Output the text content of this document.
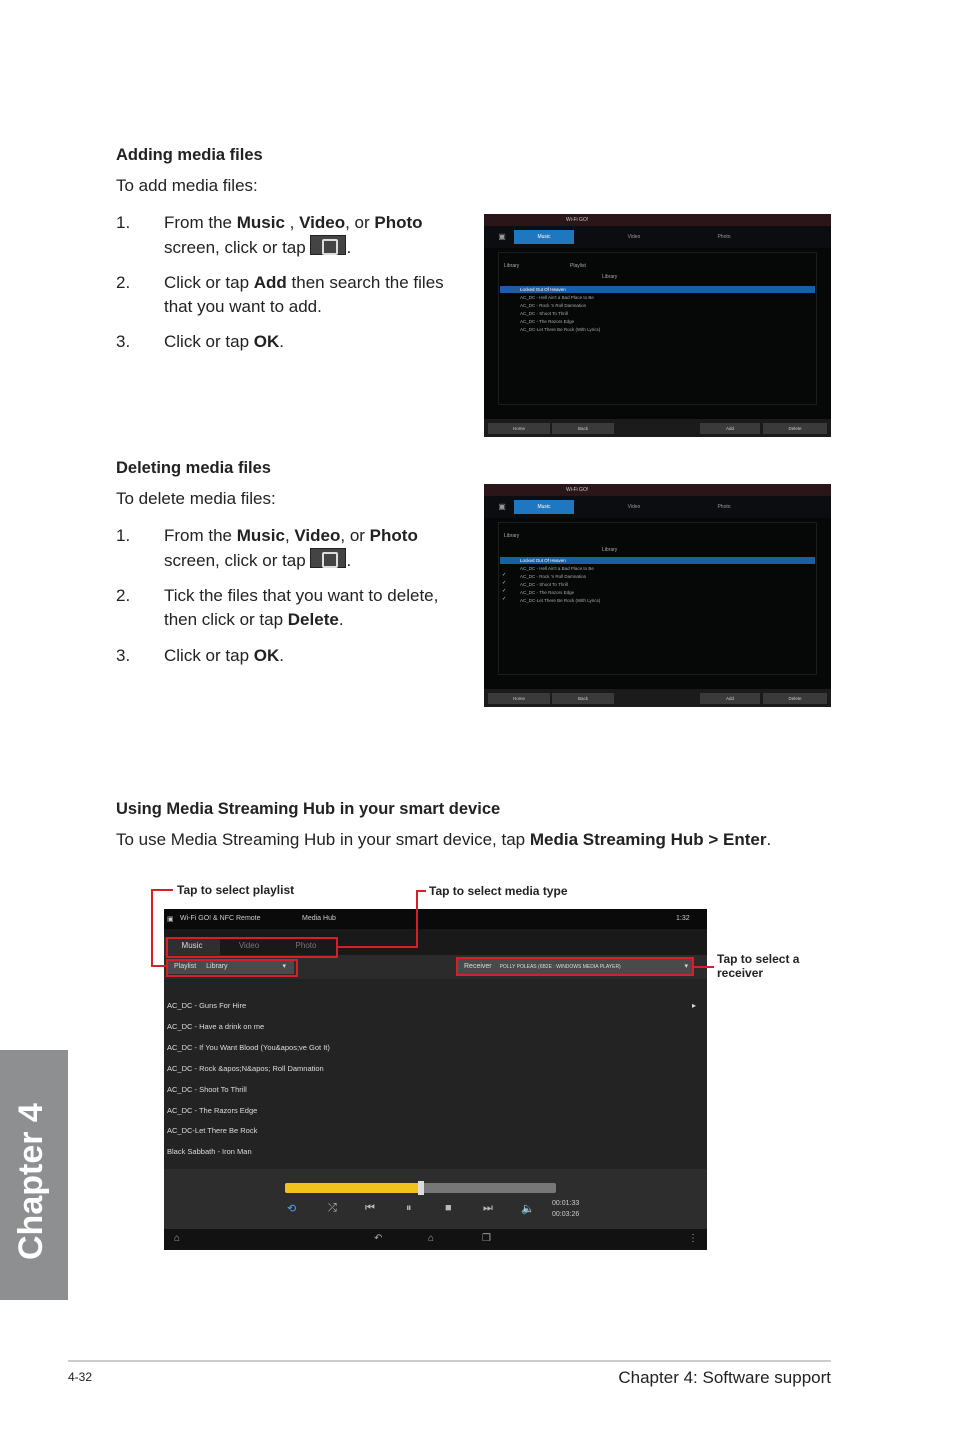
Adding media files
To add media files:
1. From the Music , Video, or Photo
screen, click or tap .
2. Click or tap Add then search the files
that you want to add.
3. Click or tap OK.
Wi-Fi GO!
▣	Music	Video	Photo
Library	Playlist
Library
Locked Out Of Heaven
AC_DC - Hell Ain't a Bad Place to Be
AC_DC - Rock 'n Roll Damnation
AC_DC - Shoot To Thrill
AC_DC - The Razors Edge
AC_DC-Let There Be Rock (With Lyrics)
Home	Back	Add	Delete
Deleting media files
To delete media files:
1. From the Music, Video, or Photo
screen, click or tap .
2. Tick the files that you want to delete,
then click or tap Delete.
3. Click or tap OK.
Wi-Fi GO!
▣	Music	Video	Photo
Library
Library
Locked Out Of Heaven
AC_DC - Hell Ain't a Bad Place to Be
AC_DC - Rock 'n Roll Damnation
AC_DC - Shoot To Thrill
AC_DC - The Razors Edge
AC_DC-Let There Be Rock (With Lyrics)
✓
✓
✓
✓
Home	Back	Add	Delete
Using Media Streaming Hub in your smart device
To use Media Streaming Hub in your smart device, tap Media Streaming Hub > Enter.
Tap to select playlist	Tap to select media type
Tap to select a
receiver
▣ Wi-Fi GO! & NFC Remote	Media Hub	1:32
Music	Video	Photo
Playlist Library	▾	Receiver POLLY POLEAS (6B2E : WINDOWS MEDIA PLAYER)	▾
AC_DC - Guns For Hire
AC_DC - Have a drink on me
AC_DC - If You Want Blood (You&apos;ve Got It)
AC_DC - Rock &apos;N&apos; Roll Damnation
AC_DC - Shoot To Thrill
AC_DC - The Razors Edge
AC_DC-Let There Be Rock
Black Sabbath - Iron Man
▸
⟲	⤮	⏮	⏸	■	⏭	🔈 00:01:33
00:03:26
⌂	↶	⌂	❐	⋮
Chapter 4
4-32	Chapter 4: Software support
